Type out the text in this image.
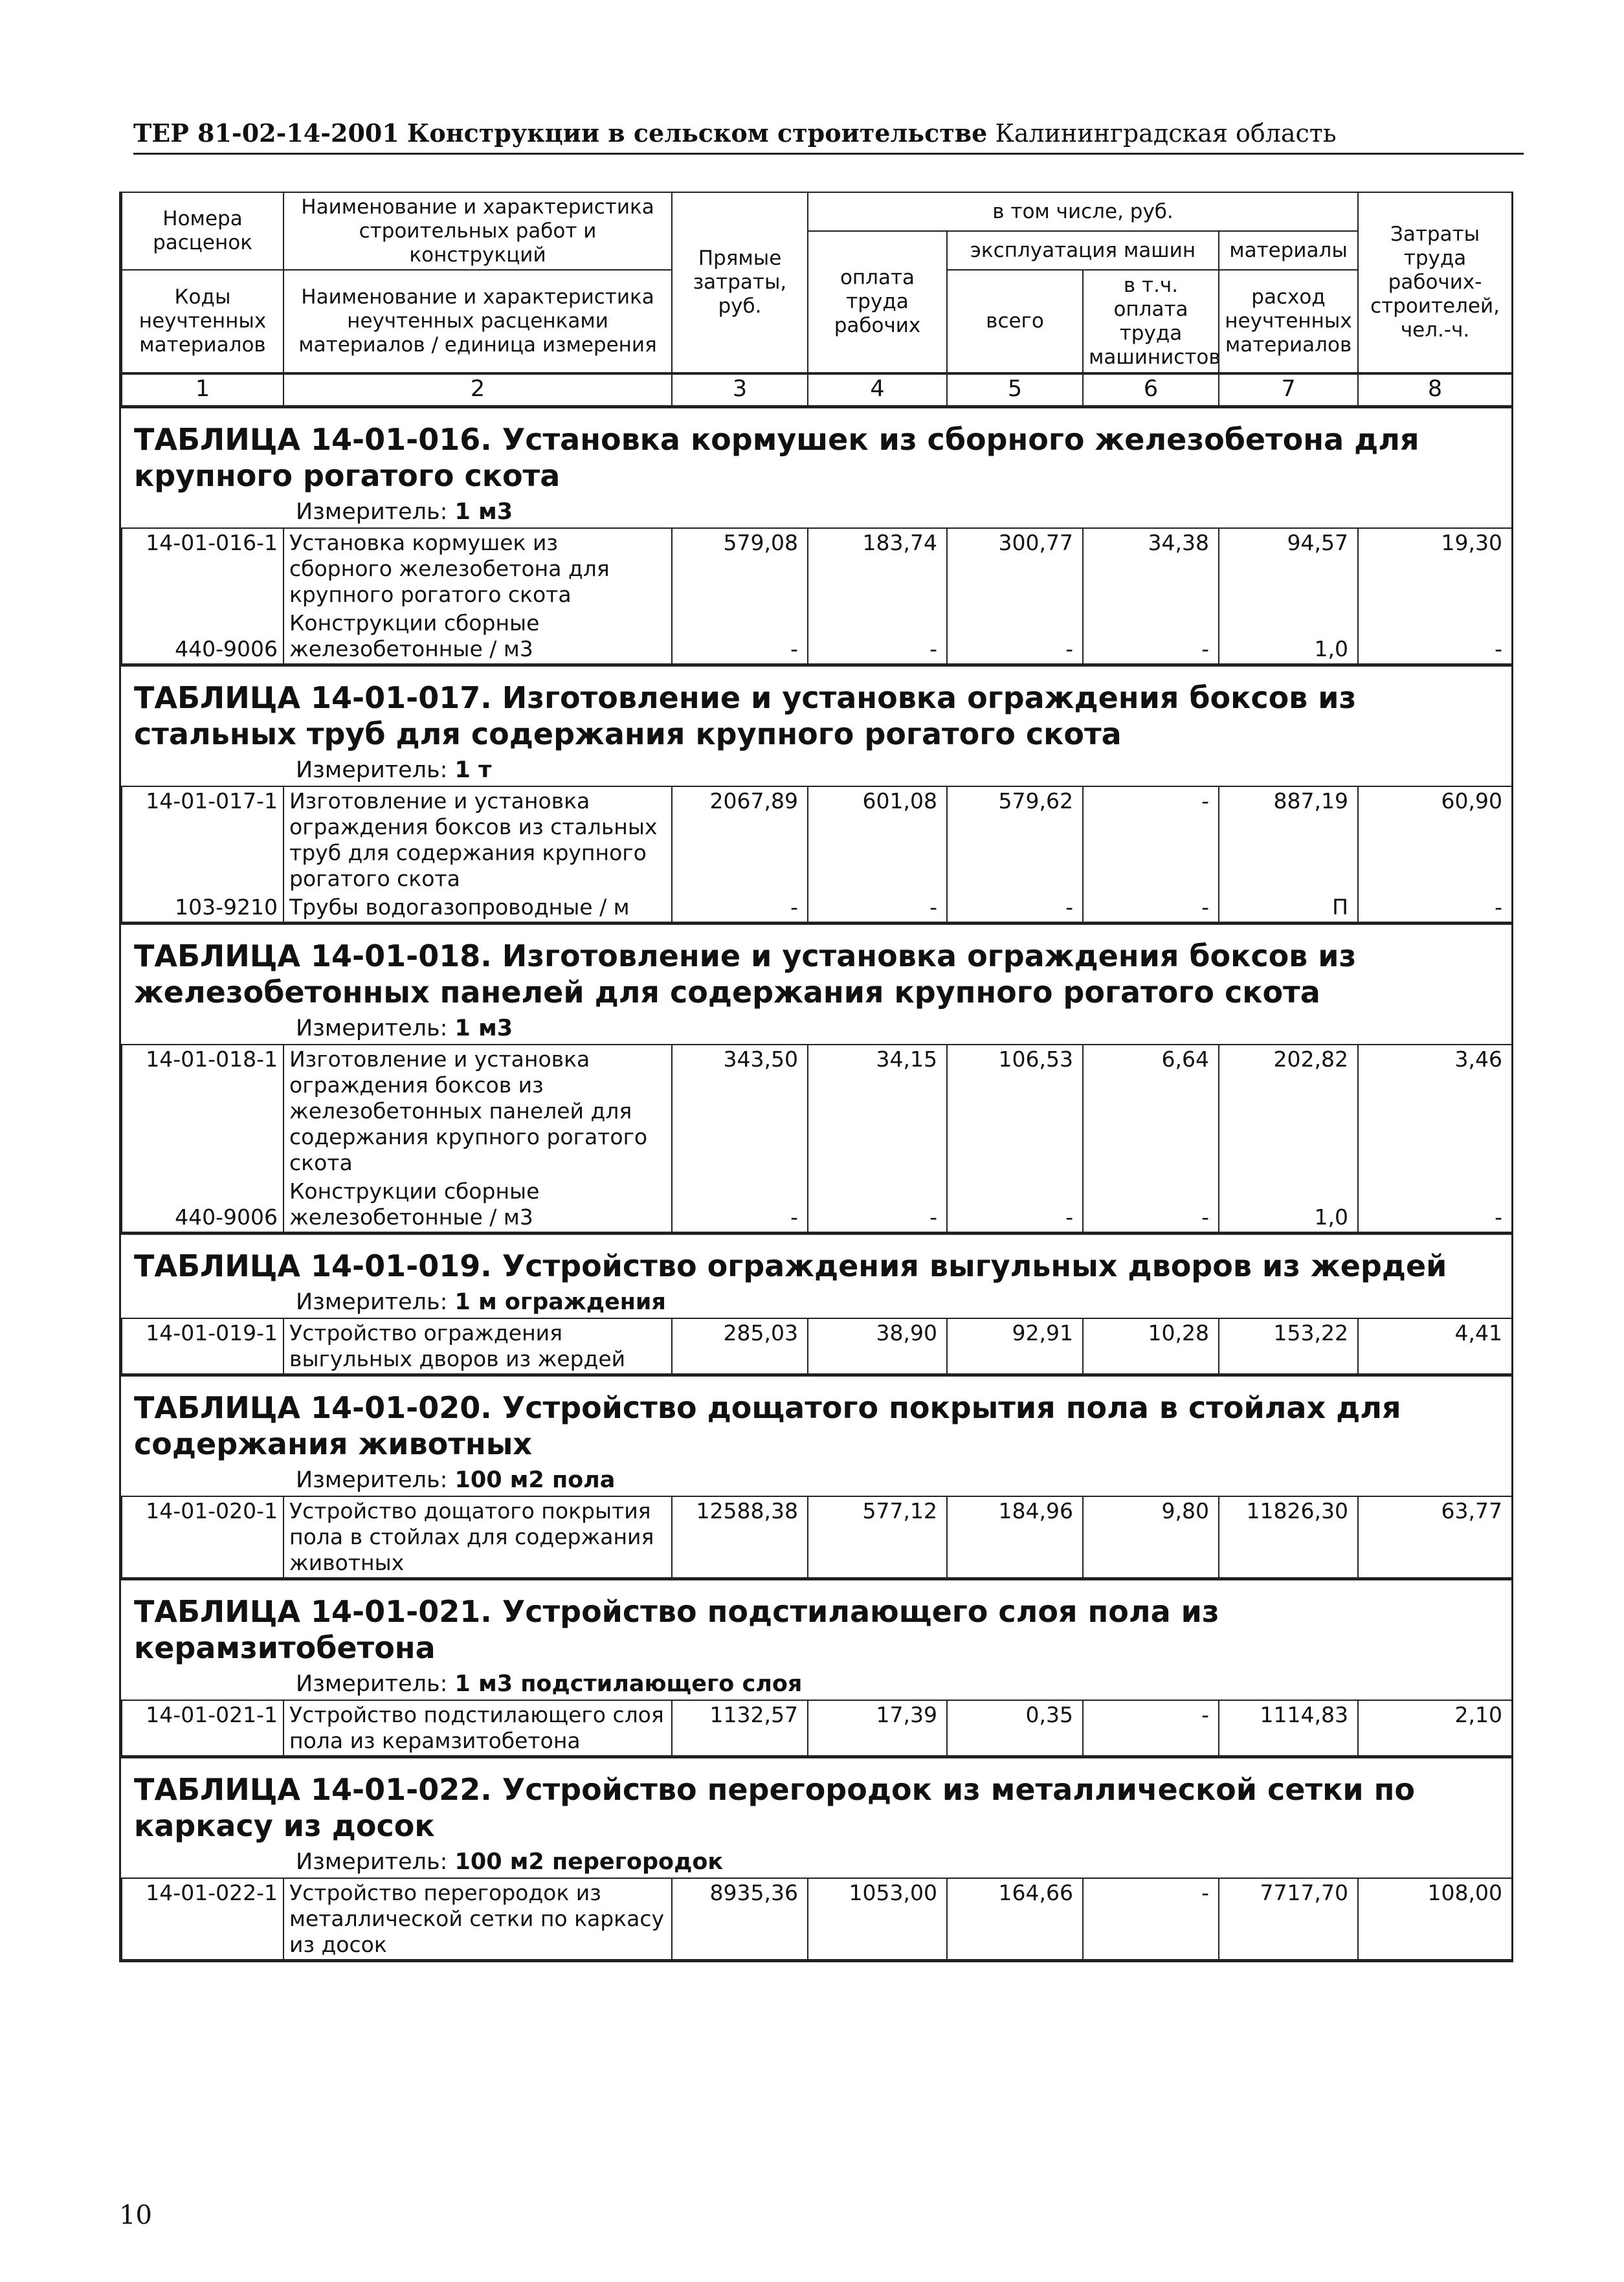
ТЕР 81-02-14-2001 Конструкции в сельском строительстве Калининградская область
Номера расценок	Наименование и характеристика строительных работ и конструкций	Прямые затраты, руб.	в том числе, руб.				Затраты труда рабочих-строителей, чел.-ч.
			оплата труда рабочих	эксплуатация машин		материалы	
Коды неучтенных материалов	Наименование и характеристика неучтенных расценками материалов / единица измерения			всего	в т.ч. оплата труда машинистов	расход неучтенных материалов	

1	2	3	4	5	6	7	8
ТАБЛИЦА 14-01-016. Установка кормушек из сборного железобетона для крупного рогатого скота
Измеритель: 1 м3
14-01-016-1	Установка кормушек из сборного железобетона для крупного рогатого скота	579,08	183,74	300,77	34,38	94,57	19,30
440-9006	Конструкции сборные железобетонные / м3	-	-	-	-	1,0	-
ТАБЛИЦА 14-01-017. Изготовление и установка ограждения боксов из стальных труб для содержания крупного рогатого скота
Измеритель: 1 т
14-01-017-1	Изготовление и установка ограждения боксов из стальных труб для содержания крупного рогатого скота	2067,89	601,08	579,62	-	887,19	60,90
103-9210	Трубы водогазопроводные / м	-	-	-	-	П	-
ТАБЛИЦА 14-01-018. Изготовление и установка ограждения боксов из железобетонных панелей для содержания крупного рогатого скота
Измеритель: 1 м3
14-01-018-1	Изготовление и установка ограждения боксов из железобетонных панелей для содержания крупного рогатого скота	343,50	34,15	106,53	6,64	202,82	3,46
440-9006	Конструкции сборные железобетонные / м3	-	-	-	-	1,0	-
ТАБЛИЦА 14-01-019. Устройство ограждения выгульных дворов из жердей
Измеритель: 1 м ограждения
14-01-019-1	Устройство ограждения выгульных дворов из жердей	285,03	38,90	92,91	10,28	153,22	4,41
ТАБЛИЦА 14-01-020. Устройство дощатого покрытия пола в стойлах для содержания животных
Измеритель: 100 м2 пола
14-01-020-1	Устройство дощатого покрытия пола в стойлах для содержания животных	12588,38	577,12	184,96	9,80	11826,30	63,77
ТАБЛИЦА 14-01-021. Устройство подстилающего слоя пола из керамзитобетона
Измеритель: 1 м3 подстилающего слоя
14-01-021-1	Устройство подстилающего слоя пола из керамзитобетона	1132,57	17,39	0,35	-	1114,83	2,10
ТАБЛИЦА 14-01-022. Устройство перегородок из металлической сетки по каркасу из досок
Измеритель: 100 м2 перегородок
14-01-022-1	Устройство перегородок из металлической сетки по каркасу из досок	8935,36	1053,00	164,66	-	7717,70	108,00
10
